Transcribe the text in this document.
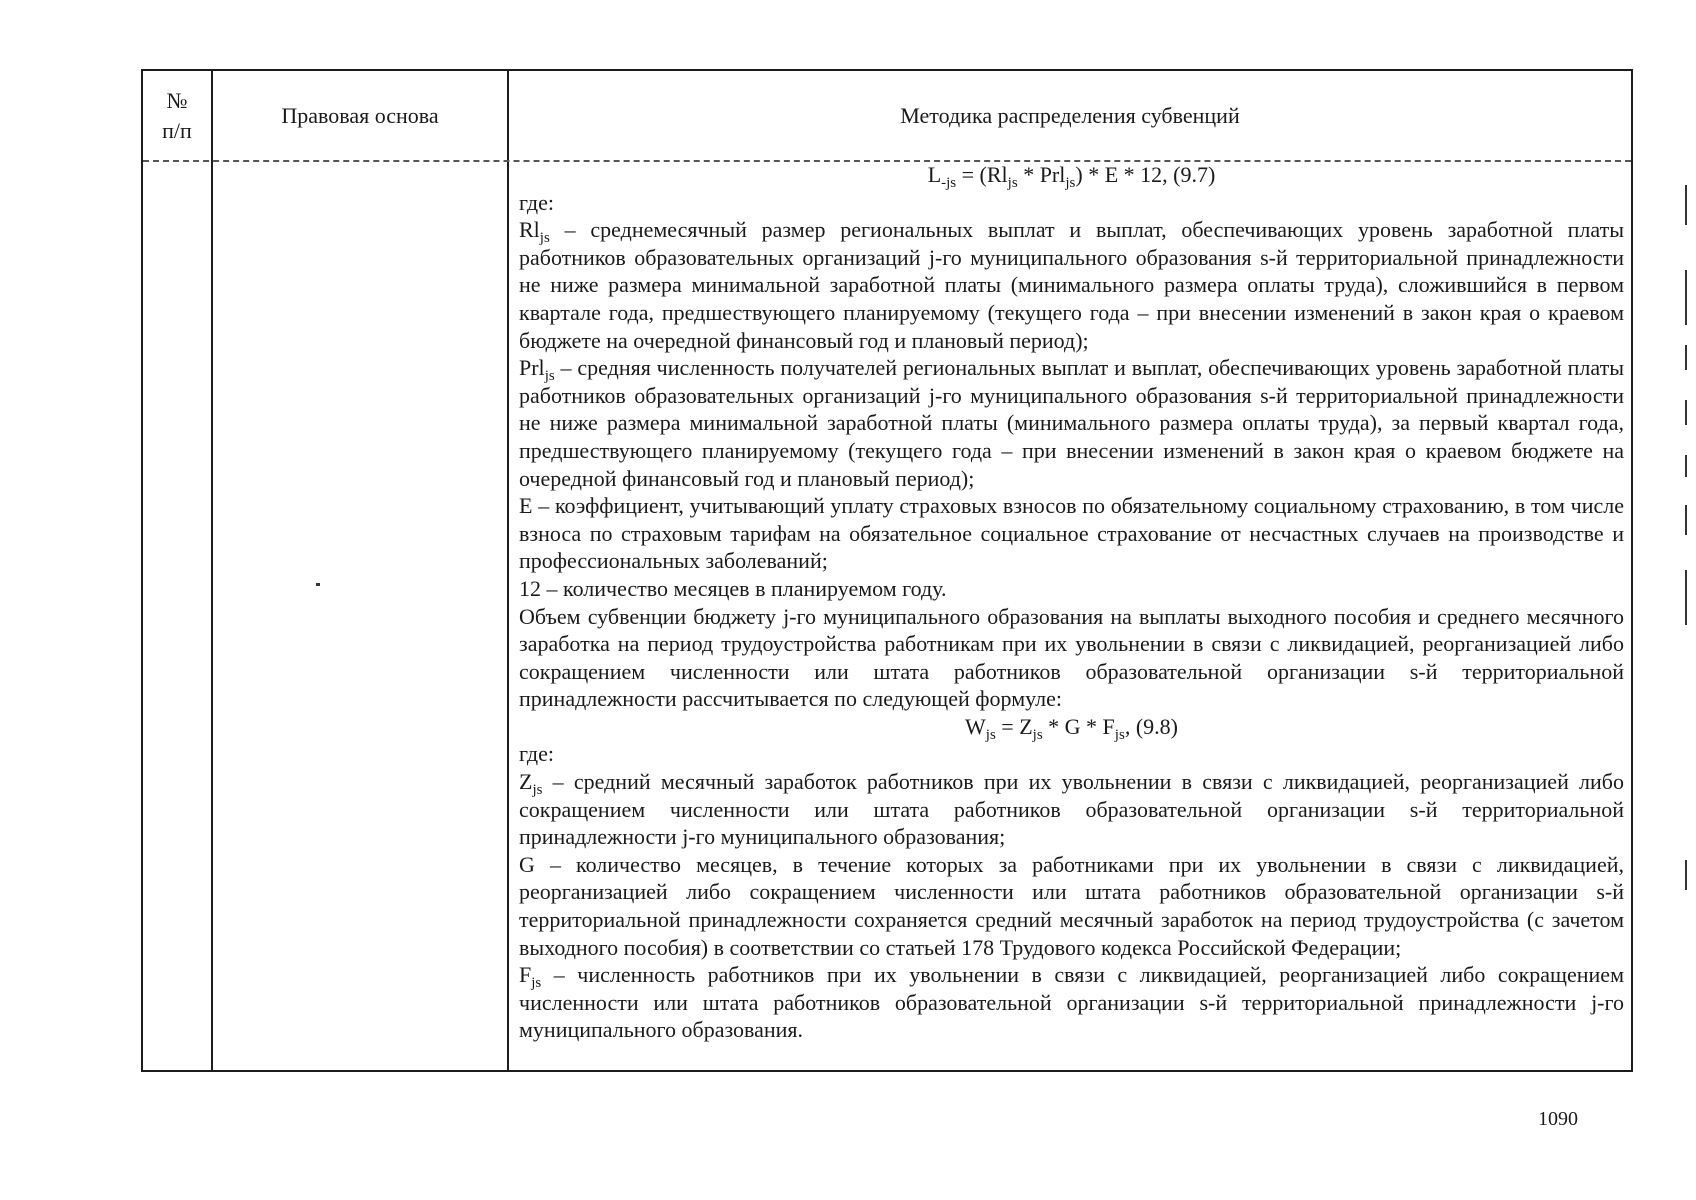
№
п/п
Правовая основа	Методика распределения субвенций

$L_{-js} = (Rl_{js} * Prl_{js}) * E * 12$, (9.7)

где:

$Rl_{js}$ – среднемесячный размер региональных выплат и выплат, обеспечивающих уровень заработной платы работников образовательных организаций j-го муниципального образования s-й территориальной принадлежности не ниже размера минимальной заработной платы (минимального размера оплаты труда), сложившийся в первом квартале года, предшествующего планируемому (текущего года – при внесении изменений в закон края о краевом бюджете на очередной финансовый год и плановый период);

Prl$_{js}$ – средняя численность получателей региональных выплат и выплат, обеспечивающих уровень заработной платы работников образовательных организаций j-го муниципального образования s-й территориальной принадлежности не ниже размера минимальной заработной платы (минимального размера оплаты труда), за первый квартал года, предшествующего планируемому (текущего года – при внесении изменений в закон края о краевом бюджете на очередной финансовый год и плановый период);

E – коэффициент, учитывающий уплату страховых взносов по обязательному социальному страхованию, в том числе взноса по страховым тарифам на обязательное социальное страхование от несчастных случаев на производстве и профессиональных заболеваний;

12 – количество месяцев в планируемом году.

Объем субвенции бюджету j-го муниципального образования на выплаты выходного пособия и среднего месячного заработка на период трудоустройства работникам при их увольнении в связи с ликвидацией, реорганизацией либо сокращением численности или штата работников образовательной организации s-й территориальной принадлежности рассчитывается по следующей формуле:

$W_{js} = Z_{js} * G * F_{js}$, (9.8)

где:

$Z_{js}$ – средний месячный заработок работников при их увольнении в связи с ликвидацией, реорганизацией либо сокращением численности или штата работников образовательной организации s-й территориальной принадлежности j-го муниципального образования;

G – количество месяцев, в течение которых за работниками при их увольнении в связи с ликвидацией, реорганизацией либо сокращением численности или штата работников образовательной организации s-й территориальной принадлежности сохраняется средний месячный заработок на период трудоустройства (с зачетом выходного пособия) в соответствии со статьей 178 Трудового кодекса Российской Федерации;

$F_{js}$ – численность работников при их увольнении в связи с ликвидацией, реорганизацией либо сокращением численности или штата работников образовательной организации s-й территориальной принадлежности j-го муниципального образования.

1090
